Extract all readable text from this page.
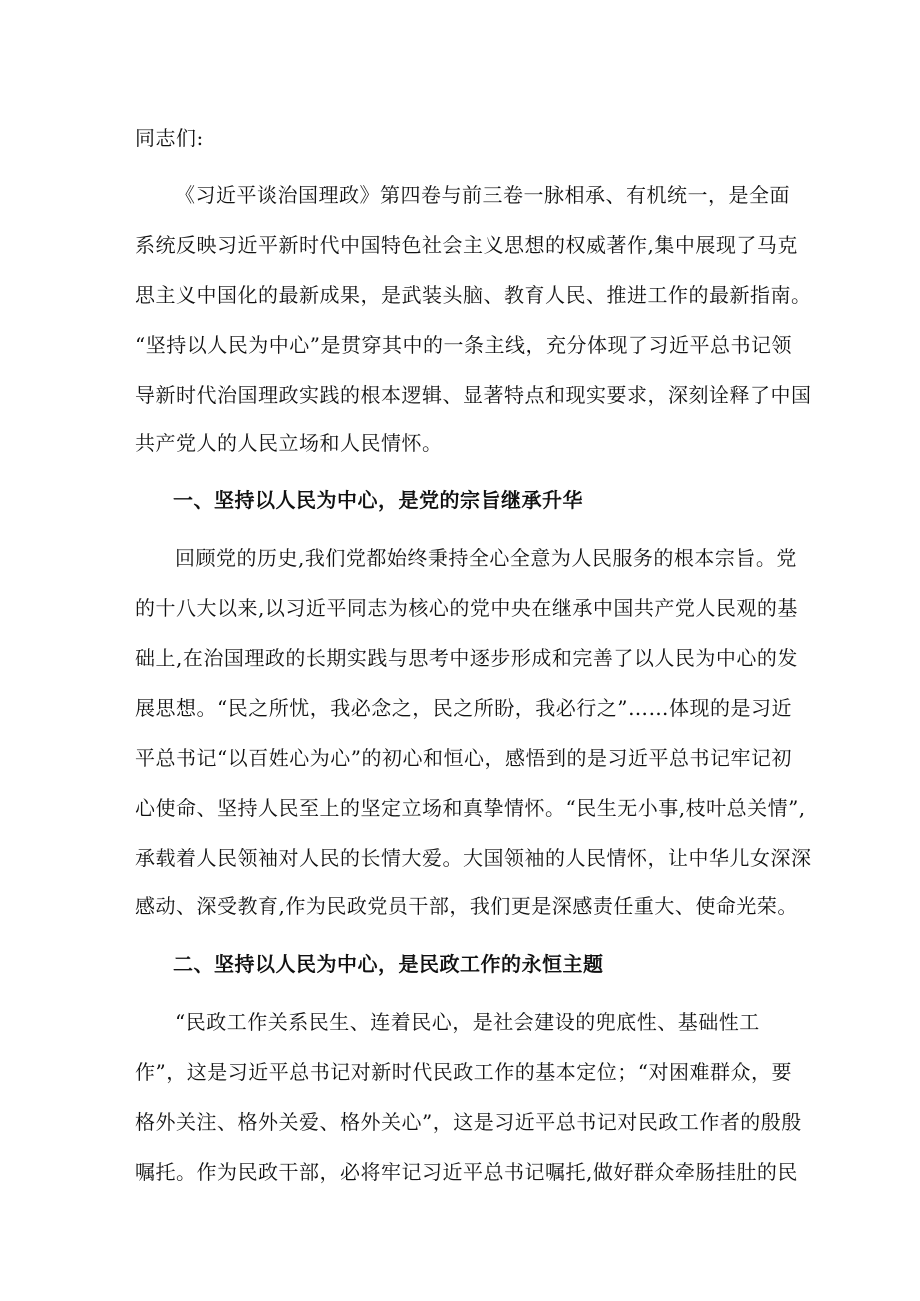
同志们:
《习近平谈治国理政》第四卷与前三卷一脉相承、有机统一，是全面
系统反映习近平新时代中国特色社会主义思想的权威著作,集中展现了马克
思主义中国化的最新成果，是武装头脑、教育人民、推进工作的最新指南。
“坚持以人民为中心”是贯穿其中的一条主线，充分体现了习近平总书记领
导新时代治国理政实践的根本逻辑、显著特点和现实要求，深刻诠释了中国
共产党人的人民立场和人民情怀。
一、坚持以人民为中心，是党的宗旨继承升华
回顾党的历史,我们党都始终秉持全心全意为人民服务的根本宗旨。党
的十八大以来,以习近平同志为核心的党中央在继承中国共产党人民观的基
础上,在治国理政的长期实践与思考中逐步形成和完善了以人民为中心的发
展思想。“民之所忧，我必念之，民之所盼，我必行之”……体现的是习近
平总书记“以百姓心为心”的初心和恒心，感悟到的是习近平总书记牢记初
心使命、坚持人民至上的坚定立场和真挚情怀。“民生无小事,枝叶总关情”,
承载着人民领袖对人民的长情大爱。大国领袖的人民情怀，让中华儿女深深
感动、深受教育,作为民政党员干部，我们更是深感责任重大、使命光荣。
二、坚持以人民为中心，是民政工作的永恒主题
“民政工作关系民生、连着民心，是社会建设的兜底性、基础性工
作”，这是习近平总书记对新时代民政工作的基本定位；“对困难群众，要
格外关注、格外关爱、格外关心”，这是习近平总书记对民政工作者的殷殷
嘱托。作为民政干部，必将牢记习近平总书记嘱托,做好群众牵肠挂肚的民
